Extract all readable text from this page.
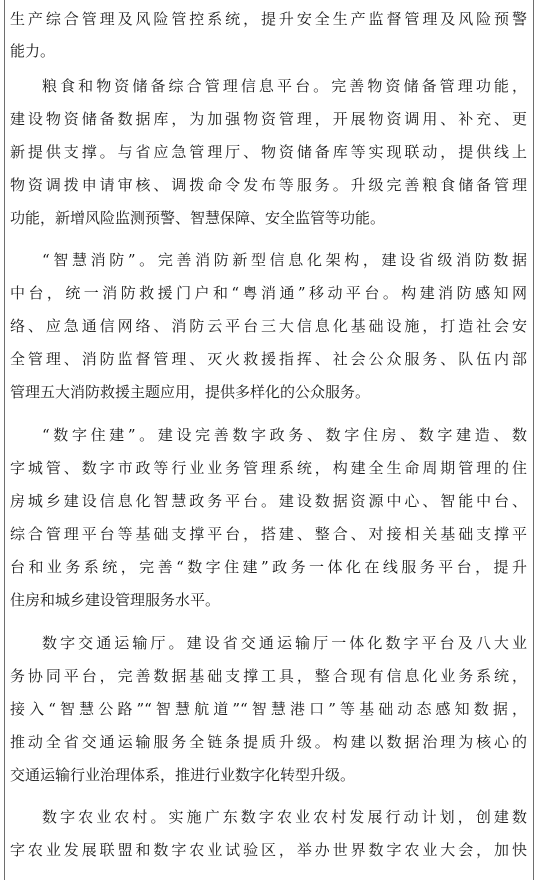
生产综合管理及风险管控系统，提升安全生产监督管理及风险预警
能力。
粮食和物资储备综合管理信息平台。完善物资储备管理功能，
建设物资储备数据库，为加强物资管理，开展物资调用、补充、更
新提供支撑。与省应急管理厅、物资储备库等实现联动，提供线上
物资调拨申请审核、调拨命令发布等服务。升级完善粮食储备管理
功能，新增风险监测预警、智慧保障、安全监管等功能。
“智慧消防”。完善消防新型信息化架构，建设省级消防数据
中台，统一消防救援门户和“粤消通”移动平台。构建消防感知网
络、应急通信网络、消防云平台三大信息化基础设施，打造社会安
全管理、消防监督管理、灭火救援指挥、社会公众服务、队伍内部
管理五大消防救援主题应用，提供多样化的公众服务。
“数字住建”。建设完善数字政务、数字住房、数字建造、数
字城管、数字市政等行业业务管理系统，构建全生命周期管理的住
房城乡建设信息化智慧政务平台。建设数据资源中心、智能中台、
综合管理平台等基础支撑平台，搭建、整合、对接相关基础支撑平
台和业务系统，完善“数字住建”政务一体化在线服务平台，提升
住房和城乡建设管理服务水平。
数字交通运输厅。建设省交通运输厅一体化数字平台及八大业
务协同平台，完善数据基础支撑工具，整合现有信息化业务系统，
接入“智慧公路”“智慧航道”“智慧港口”等基础动态感知数据，
推动全省交通运输服务全链条提质升级。构建以数据治理为核心的
交通运输行业治理体系，推进行业数字化转型升级。
数字农业农村。实施广东数字农业农村发展行动计划，创建数
字农业发展联盟和数字农业试验区，举办世界数字农业大会，加快
